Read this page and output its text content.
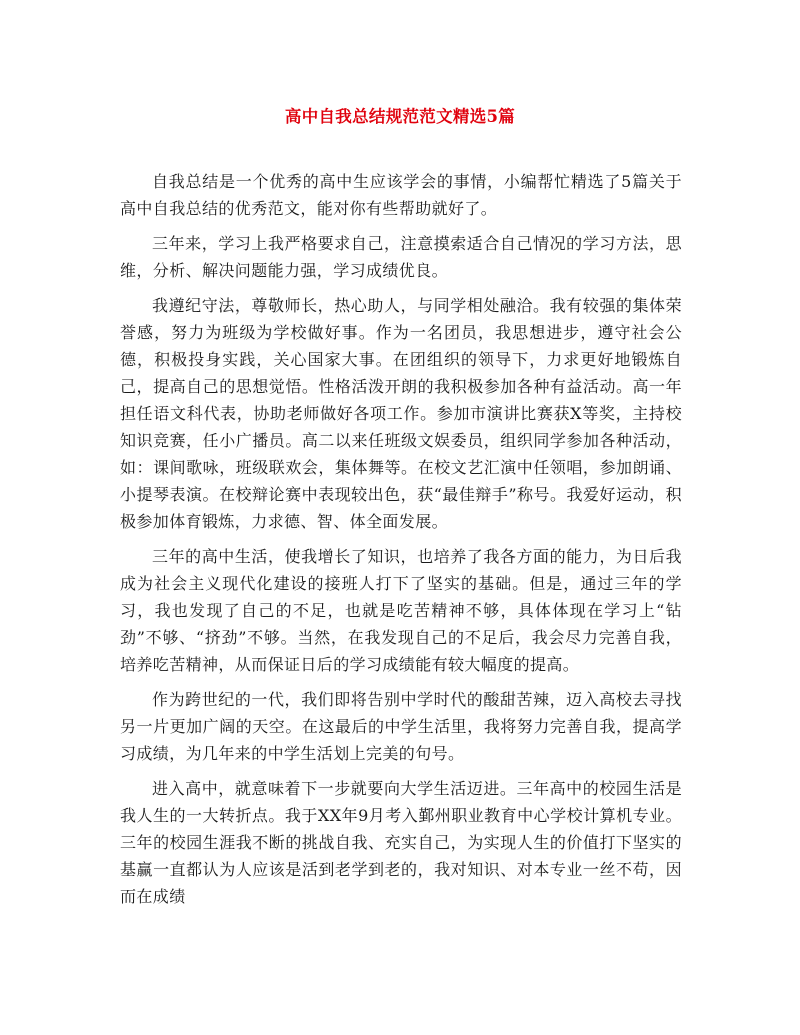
高中自我总结规范范文精选5篇

自我总结是一个优秀的高中生应该学会的事情，小编帮忙精选了5篇关于高中自我总结的优秀范文，能对你有些帮助就好了。

三年来，学习上我严格要求自己，注意摸索适合自己情况的学习方法，思维，分析、解决问题能力强，学习成绩优良。

我遵纪守法，尊敬师长，热心助人，与同学相处融洽。我有较强的集体荣誉感，努力为班级为学校做好事。作为一名团员，我思想进步，遵守社会公德，积极投身实践，关心国家大事。在团组织的领导下，力求更好地锻炼自己，提高自己的思想觉悟。性格活泼开朗的我积极参加各种有益活动。高一年担任语文科代表，协助老师做好各项工作。参加市演讲比赛获X等奖，主持校知识竞赛，任小广播员。高二以来任班级文娱委员，组织同学参加各种活动，如：课间歌咏，班级联欢会，集体舞等。在校文艺汇演中任领唱，参加朗诵、小提琴表演。在校辩论赛中表现较出色，获“最佳辩手”称号。我爱好运动，积极参加体育锻炼，力求德、智、体全面发展。

三年的高中生活，使我增长了知识，也培养了我各方面的能力，为日后我成为社会主义现代化建设的接班人打下了坚实的基础。但是，通过三年的学习，我也发现了自己的不足，也就是吃苦精神不够，具体体现在学习上“钻劲”不够、“挤劲”不够。当然，在我发现自己的不足后，我会尽力完善自我，培养吃苦精神，从而保证日后的学习成绩能有较大幅度的提高。

作为跨世纪的一代，我们即将告别中学时代的酸甜苦辣，迈入高校去寻找另一片更加广阔的天空。在这最后的中学生活里，我将努力完善自我，提高学习成绩，为几年来的中学生活划上完美的句号。

进入高中，就意味着下一步就要向大学生活迈进。三年高中的校园生活是我人生的一大转折点。我于XX年9月考入鄞州职业教育中心学校计算机专业。三年的校园生涯我不断的挑战自我、充实自己，为实现人生的价值打下坚实的基赢一直都认为人应该是活到老学到老的，我对知识、对本专业一丝不苟，因而在成绩
